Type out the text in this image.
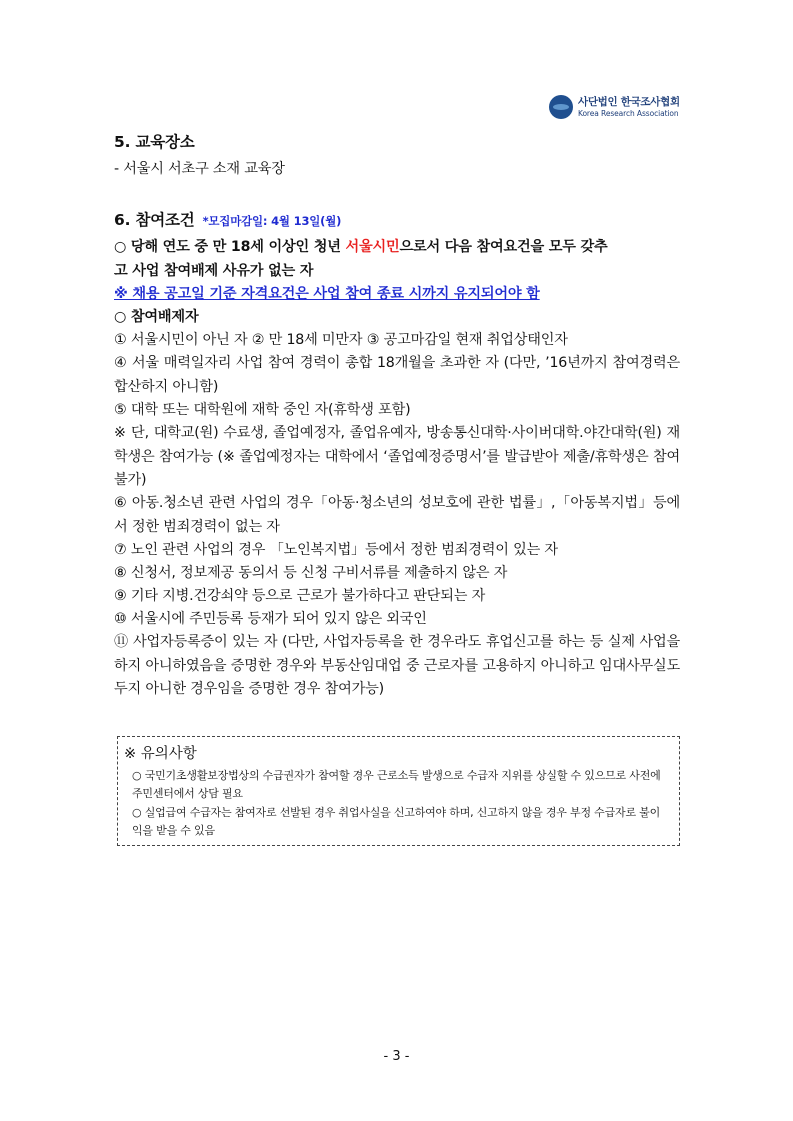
사단법인 한국조사협회
Korea Research Association
5. 교육장소
- 서울시 서초구 소재 교육장
6. 참여조건 *모집마감일: 4월 13일(월)
○ 당해 연도 중 만 18세 이상인 청년 서울시민으로서 다음 참여요건을 모두 갖추
고 사업 참여배제 사유가 없는 자
※ 채용 공고일 기준 자격요건은 사업 참여 종료 시까지 유지되어야 함
○ 참여배제자
① 서울시민이 아닌 자 ② 만 18세 미만자 ③ 공고마감일 현재 취업상태인자
④ 서울 매력일자리 사업 참여 경력이 총합 18개월을 초과한 자 (다만, ’16년까지 참여경력은 합산하지 아니함)
⑤ 대학 또는 대학원에 재학 중인 자(휴학생 포함)
※ 단, 대학교(원) 수료생, 졸업예정자, 졸업유예자, 방송통신대학·사이버대학.야간대학(원) 재학생은 참여가능 (※ 졸업예정자는 대학에서 ‘졸업예정증명서’를 발급받아 제출/휴학생은 참여불가)
⑥ 아동.청소년 관련 사업의 경우「아동·청소년의 성보호에 관한 법률」,「아동복지법」등에서 정한 범죄경력이 없는 자
⑦ 노인 관련 사업의 경우 「노인복지법」등에서 정한 범죄경력이 있는 자
⑧ 신청서, 정보제공 동의서 등 신청 구비서류를 제출하지 않은 자
⑨ 기타 지병.건강쇠약 등으로 근로가 불가하다고 판단되는 자
⑩ 서울시에 주민등록 등재가 되어 있지 않은 외국인
⑪ 사업자등록증이 있는 자 (다만, 사업자등록을 한 경우라도 휴업신고를 하는 등 실제 사업을 하지 아니하였음을 증명한 경우와 부동산임대업 중 근로자를 고용하지 아니하고 임대사무실도 두지 아니한 경우임을 증명한 경우 참여가능)
※ 유의사항
○ 국민기초생활보장법상의 수급권자가 참여할 경우 근로소득 발생으로 수급자 지위를 상실할 수 있으므로 사전에 주민센터에서 상담 필요
○ 실업급여 수급자는 참여자로 선발된 경우 취업사실을 신고하여야 하며, 신고하지 않을 경우 부정 수급자로 불이익을 받을 수 있음
- 3 -
